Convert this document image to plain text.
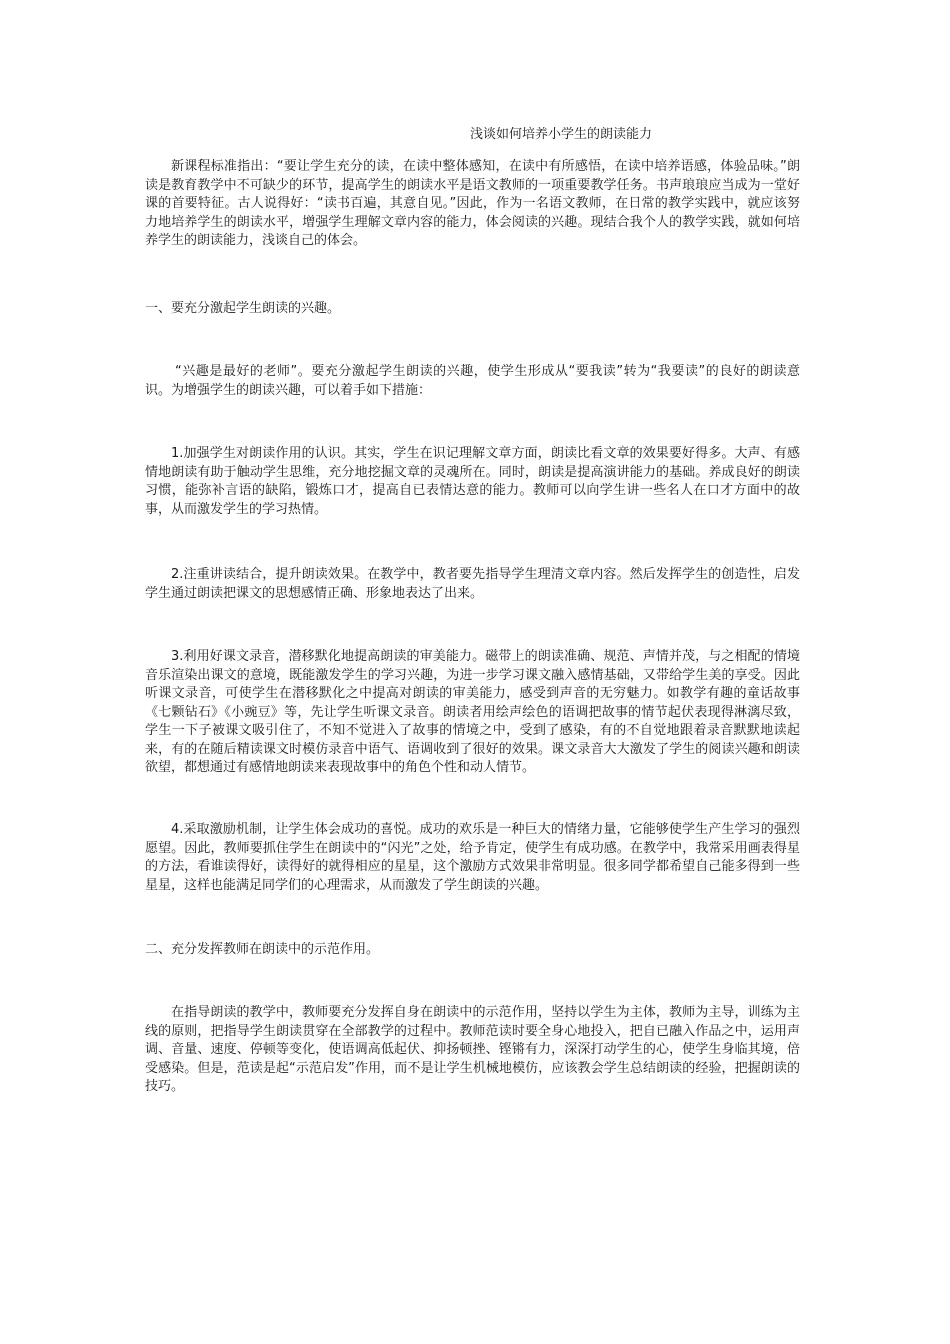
浅谈如何培养小学生的朗读能力

新课程标准指出：“要让学生充分的读，在读中整体感知，在读中有所感悟，在读中培养语感，体验品味。”朗读是教育教学中不可缺少的环节，提高学生的朗读水平是语文教师的一项重要教学任务。书声琅琅应当成为一堂好课的首要特征。古人说得好：“读书百遍，其意自见。”因此，作为一名语文教师，在日常的教学实践中，就应该努力地培养学生的朗读水平，增强学生理解文章内容的能力，体会阅读的兴趣。现结合我个人的教学实践，就如何培养学生的朗读能力，浅谈自己的体会。

一、要充分激起学生朗读的兴趣。

“兴趣是最好的老师”。要充分激起学生朗读的兴趣，使学生形成从“要我读”转为“我要读”的良好的朗读意识。为增强学生的朗读兴趣，可以着手如下措施：

1.加强学生对朗读作用的认识。其实，学生在识记理解文章方面，朗读比看文章的效果要好得多。大声、有感情地朗读有助于触动学生思维，充分地挖掘文章的灵魂所在。同时，朗读是提高演讲能力的基础。养成良好的朗读习惯，能弥补言语的缺陷，锻炼口才，提高自已表情达意的能力。教师可以向学生讲一些名人在口才方面中的故事，从而激发学生的学习热情。

2.注重讲读结合，提升朗读效果。在教学中，教者要先指导学生理清文章内容。然后发挥学生的创造性，启发学生通过朗读把课文的思想感情正确、形象地表达了出来。

3.利用好课文录音，潜移默化地提高朗读的审美能力。磁带上的朗读准确、规范、声情并茂，与之相配的情境音乐渲染出课文的意境，既能激发学生的学习兴趣，为进一步学习课文融入感情基础，又带给学生美的享受。因此听课文录音，可使学生在潜移默化之中提高对朗读的审美能力，感受到声音的无穷魅力。如教学有趣的童话故事《七颗钻石》《小豌豆》等，先让学生听课文录音。朗读者用绘声绘色的语调把故事的情节起伏表现得淋漓尽致，学生一下子被课文吸引住了，不知不觉进入了故事的情境之中，受到了感染，有的不自觉地跟着录音默默地读起来，有的在随后精读课文时模仿录音中语气、语调收到了很好的效果。课文录音大大激发了学生的阅读兴趣和朗读欲望，都想通过有感情地朗读来表现故事中的角色个性和动人情节。

4.采取激励机制，让学生体会成功的喜悦。成功的欢乐是一种巨大的情绪力量，它能够使学生产生学习的强烈愿望。因此，教师要抓住学生在朗读中的“闪光”之处，给予肯定，使学生有成功感。在教学中，我常采用画表得星的方法，看谁读得好，读得好的就得相应的星星，这个激励方式效果非常明显。很多同学都希望自己能多得到一些星星，这样也能满足同学们的心理需求，从而激发了学生朗读的兴趣。

二、充分发挥教师在朗读中的示范作用。

在指导朗读的教学中，教师要充分发挥自身在朗读中的示范作用，坚持以学生为主体，教师为主导，训练为主线的原则，把指导学生朗读贯穿在全部教学的过程中。教师范读时要全身心地投入，把自已融入作品之中，运用声调、音量、速度、停顿等变化，使语调高低起伏、抑扬顿挫、铿锵有力，深深打动学生的心，使学生身临其境，倍受感染。但是，范读是起“示范启发”作用，而不是让学生机械地模仿，应该教会学生总结朗读的经验，把握朗读的技巧。
